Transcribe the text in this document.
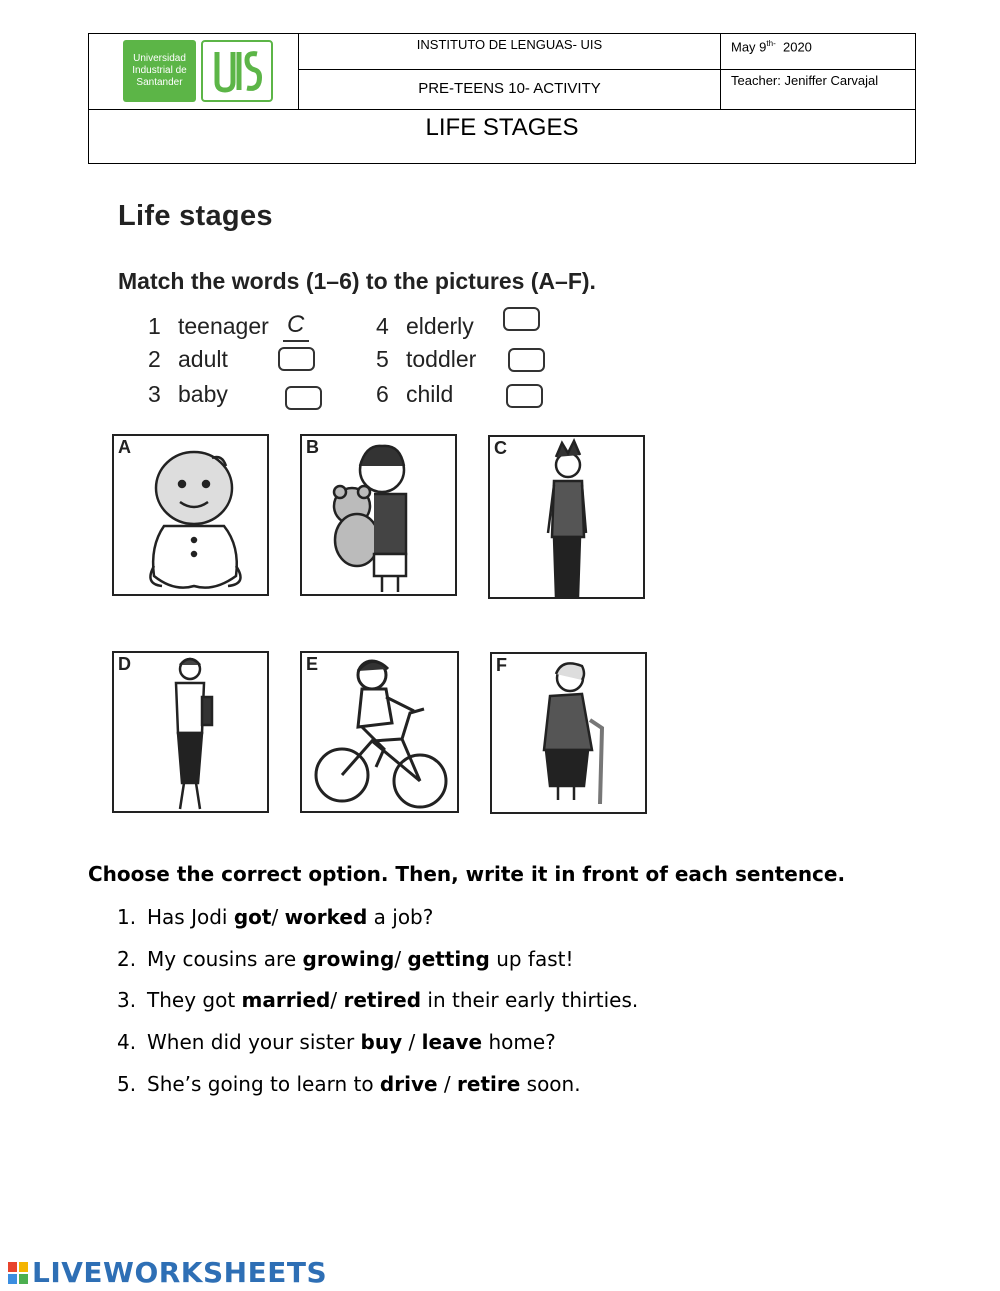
Universidad
Industrial de
Santander
INSTITUTO DE LENGUAS- UIS
PRE-TEENS 10- ACTIVITY
May $9^{th-}$ 2020
Teacher: Jeniffer Carvajal
LIFE STAGES
Life stages
Match the words (1–6) to the pictures (A–F).
1 teenager C
2 adult
3 baby
4 elderly
5 toddler
6 child
A	B	C
D	E	F
Choose the correct option. Then, write it in front of each sentence.
1. Has Jodi got/ worked a job?
2. My cousins are growing/ getting up fast!
3. They got married/ retired in their early thirties.
4. When did your sister buy / leave home?
5. She’s going to learn to drive / retire soon.
LIVEWORKSHEETS
